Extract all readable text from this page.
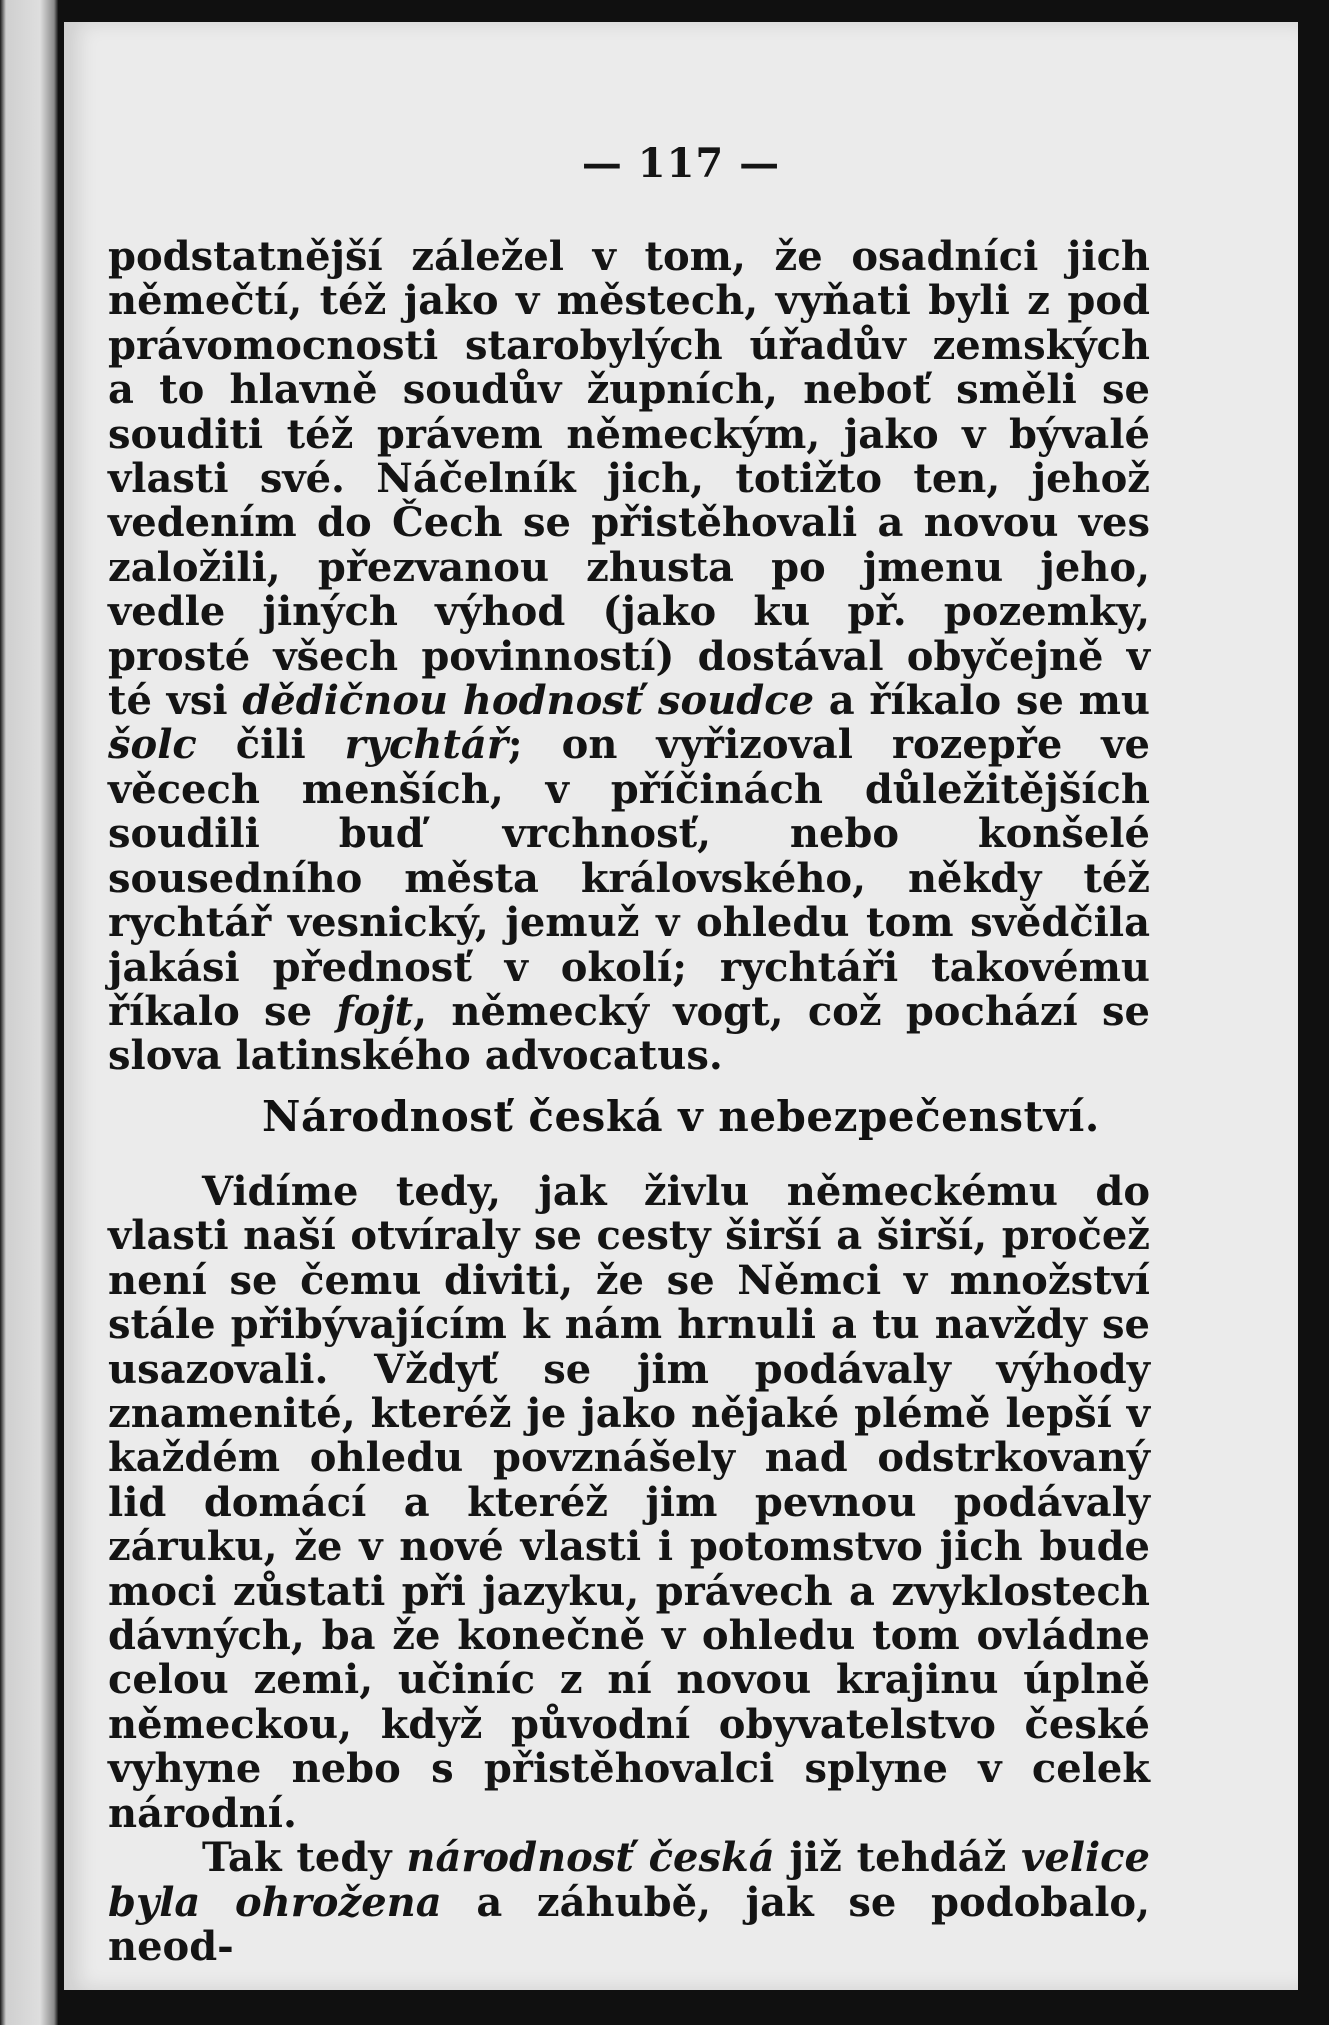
— 117 —

podstatnější záležel v tom, že osadníci jich němečtí, též jako v městech, vyňati byli z pod právomocnosti starobylých úřadův zemských a to hlavně soudův župních, neboť směli se souditi též právem německým, jako v bývalé vlasti své. Náčelník jich, totižto ten, jehož vedením do Čech se přistěhovali a novou ves založili, přezvanou zhusta po jmenu jeho, vedle jiných výhod (jako ku př. pozemky, prosté všech povinností) dostával obyčejně v té vsi dědičnou hodnosť soudce a říkalo se mu šolc čili rychtář; on vyřizoval rozepře ve věcech menších, v příčinách důležitějších soudili buď vrchnosť, nebo konšelé sousedního města královského, někdy též rychtář vesnický, jemuž v ohledu tom svědčila jakási přednosť v okolí; rychtáři takovému říkalo se fojt, německý vogt, což pochází se slova latinského advocatus.

Národnosť česká v nebezpečenství.

Vidíme tedy, jak živlu německému do vlasti naší otvíraly se cesty širší a širší, pročež není se čemu diviti, že se Němci v množství stále přibývajícím k nám hrnuli a tu navždy se usazovali. Vždyť se jim podávaly výhody znamenité, kteréž je jako nějaké plémě lepší v každém ohledu povznášely nad odstrkovaný lid domácí a kteréž jim pevnou podávaly záruku, že v nové vlasti i potomstvo jich bude moci zůstati při jazyku, právech a zvyklostech dávných, ba že konečně v ohledu tom ovládne celou zemi, učiníc z ní novou krajinu úplně německou, když původní obyvatelstvo české vyhyne nebo s přistěhovalci splyne v celek národní.

Tak tedy národnosť česká již tehdáž velice byla ohrožena a záhubě, jak se podobalo, neod-
